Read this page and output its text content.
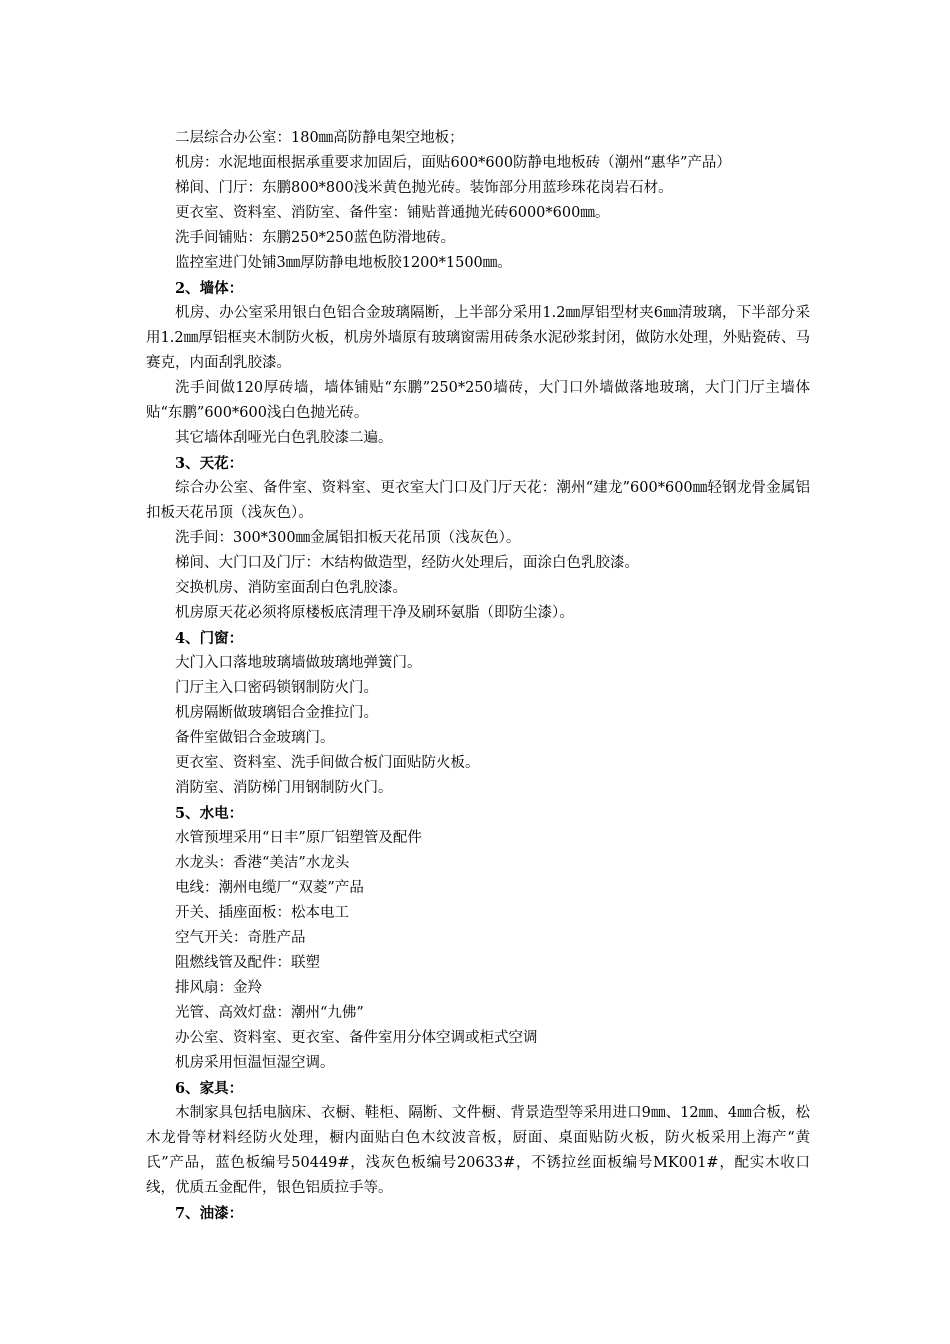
二层综合办公室：180㎜高防静电架空地板；
机房：水泥地面根据承重要求加固后，面贴600*600防静电地板砖（潮州“惠华”产品）
梯间、门厅：东鹏800*800浅米黄色抛光砖。装饰部分用蓝珍珠花岗岩石材。
更衣室、资料室、消防室、备件室：铺贴普通抛光砖6000*600㎜。
洗手间铺贴：东鹏250*250蓝色防滑地砖。
监控室进门处铺3㎜厚防静电地板胶1200*1500㎜。
2、墙体：
机房、办公室采用银白色铝合金玻璃隔断，上半部分采用1.2㎜厚铝型材夹6㎜清玻璃，下半部分采用1.2㎜厚铝框夹木制防火板，机房外墙原有玻璃窗需用砖条水泥砂浆封闭，做防水处理，外贴瓷砖、马赛克，内面刮乳胶漆。
洗手间做120厚砖墙，墙体铺贴“东鹏”250*250墙砖，大门口外墙做落地玻璃，大门门厅主墙体贴“东鹏”600*600浅白色抛光砖。
其它墙体刮哑光白色乳胶漆二遍。
3、天花：
综合办公室、备件室、资料室、更衣室大门口及门厅天花：潮州“建龙”600*600㎜轻钢龙骨金属铝扣板天花吊顶（浅灰色）。
洗手间：300*300㎜金属铝扣板天花吊顶（浅灰色）。
梯间、大门口及门厅：木结构做造型，经防火处理后，面涂白色乳胶漆。
交换机房、消防室面刮白色乳胶漆。
机房原天花必须将原楼板底清理干净及刷环氨脂（即防尘漆）。
4、门窗：
大门入口落地玻璃墙做玻璃地弹簧门。
门厅主入口密码锁钢制防火门。
机房隔断做玻璃铝合金推拉门。
备件室做铝合金玻璃门。
更衣室、资料室、洗手间做合板门面贴防火板。
消防室、消防梯门用钢制防火门。
5、水电：
水管预埋采用“日丰”原厂铝塑管及配件
水龙头：香港“美洁”水龙头
电线：潮州电缆厂“双菱”产品
开关、插座面板：松本电工
空气开关：奇胜产品
阻燃线管及配件：联塑
排风扇：金羚
光管、高效灯盘：潮州“九佛”
办公室、资料室、更衣室、备件室用分体空调或柜式空调
机房采用恒温恒湿空调。
6、家具：
木制家具包括电脑床、衣橱、鞋柜、隔断、文件橱、背景造型等采用进口9㎜、12㎜、4㎜合板，松木龙骨等材料经防火处理，橱内面贴白色木纹波音板，厨面、桌面贴防火板，防火板采用上海产“黄氏”产品，蓝色板编号50449#，浅灰色板编号20633#，不锈拉丝面板编号MK001#，配实木收口线，优质五金配件，银色铝质拉手等。
7、油漆：
